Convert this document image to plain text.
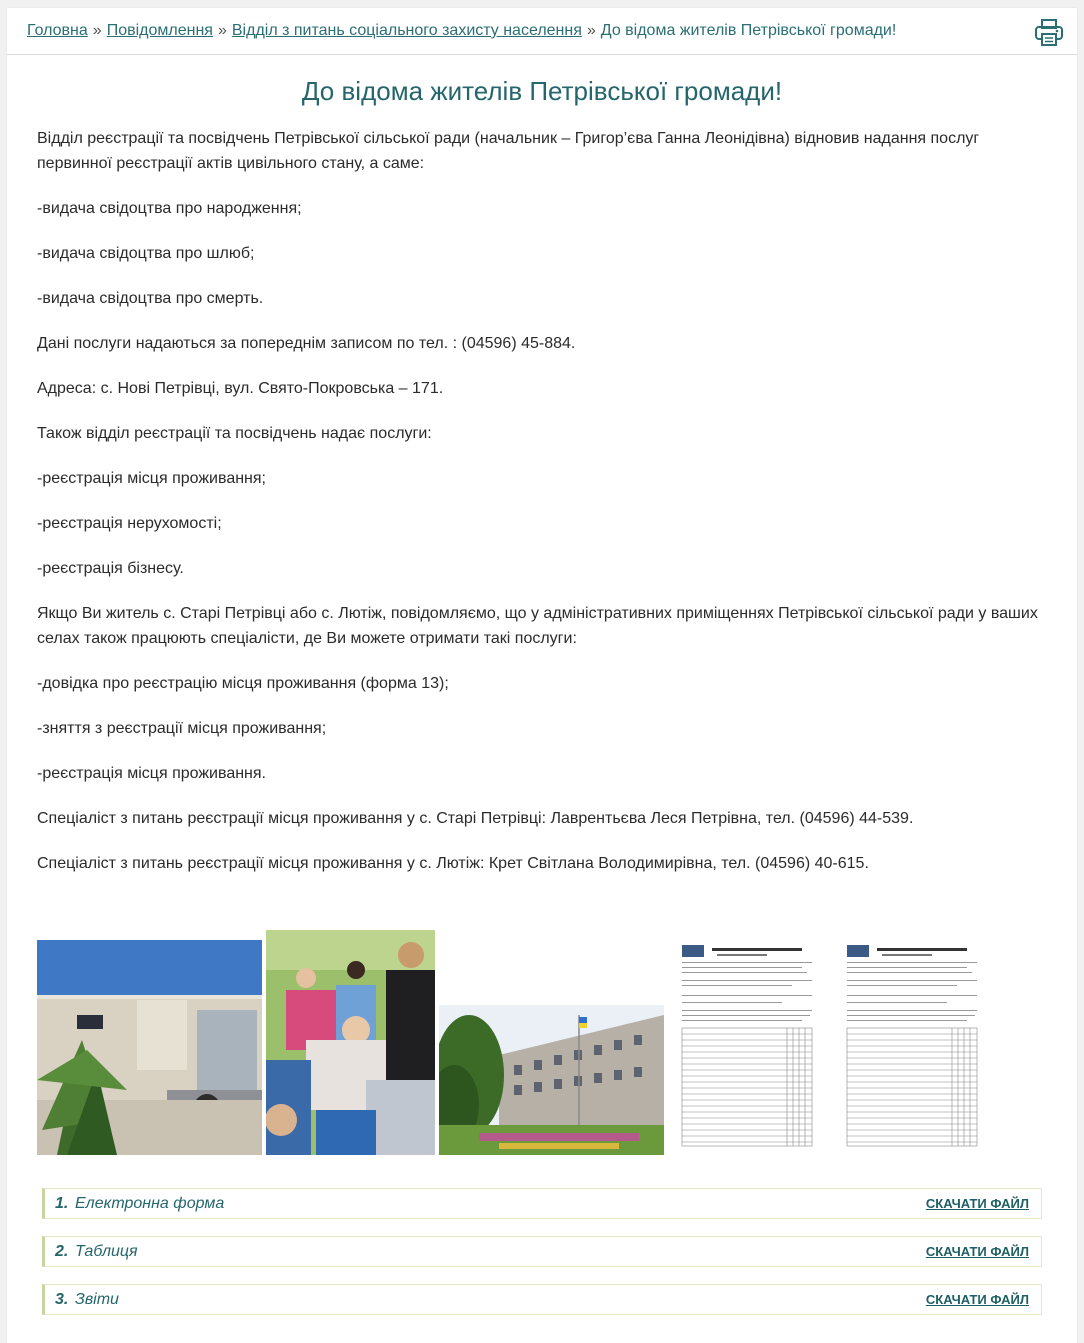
Головна » Повідомлення » Відділ з питань соціального захисту населення » До відома жителів Петрівської громади!
До відома жителів Петрівської громади!

Відділ реєстрації та посвідчень Петрівської сільської ради (начальник – Григор’єва Ганна Леонідівна) відновив надання послуг первинної реєстрації актів цивільного стану, а саме:

-видача свідоцтва про народження;

-видача свідоцтва про шлюб;

-видача свідоцтва про смерть.

Дані послуги надаються за попереднім записом по тел. : (04596) 45-884.

Адреса: с. Нові Петрівці, вул. Свято-Покровська – 171.

Також відділ реєстрації та посвідчень надає послуги:

-реєстрація місця проживання;

-реєстрація нерухомості;

-реєстрація бізнесу.

Якщо Ви житель с. Старі Петрівці або с. Лютіж, повідомляємо, що у адміністративних приміщеннях Петрівської сільської ради у ваших селах також працюють спеціалісти, де Ви можете отримати такі послуги:

-довідка про реєстрацію місця проживання (форма 13);

-зняття з реєстрації місця проживання;

-реєстрація місця проживання.

Спеціаліст з питань реєстрації місця проживання у с. Старі Петрівці: Лаврентьєва Леся Петрівна, тел. (04596) 44-539.

Спеціаліст з питань реєстрації місця проживання у с. Лютіж: Крет Світлана Володимирівна, тел. (04596) 40-615.

1. Електронна форма	СКАЧАТИ ФАЙЛ
2. Таблиця	СКАЧАТИ ФАЙЛ
3. Звіти	СКАЧАТИ ФАЙЛ
